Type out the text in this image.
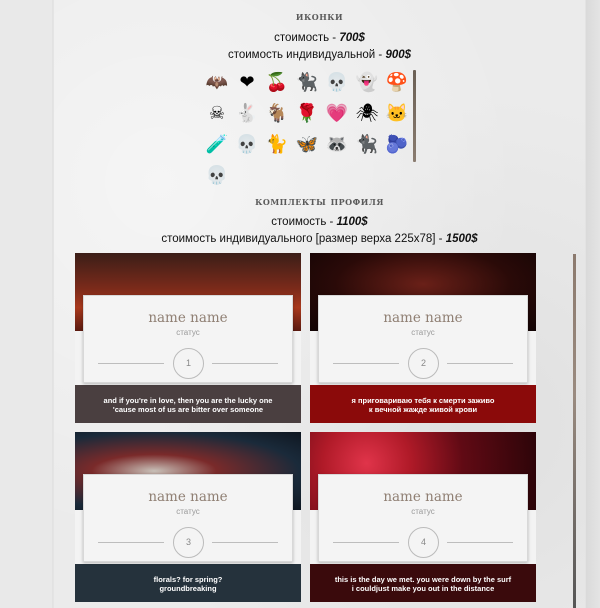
иконки
стоимость - 700$
стоимость индивидуальной - 900$
🦇 ❤ 🍒 🐈‍⬛ 💀 👻 🍄
☠ 🐇 🐐 🌹 💗 🕷 🐱
🧪 💀 🐈 🦋 🦝 🐈‍⬛ 🫐
💀
комплекты профиля
стоимость - 1100$
стоимость индивидуального [размер верха 225x78] - 1500$
name name
статус
1
and if you're in love, then you are the lucky one
'cause most of us are bitter over someone
name name
статус
2
я приговариваю тебя к смерти заживо
к вечной жажде живой крови
name name
статус
3
florals? for spring?
groundbreaking
name name
статус
4
this is the day we met. you were down by the surf
i couldjust make you out in the distance
